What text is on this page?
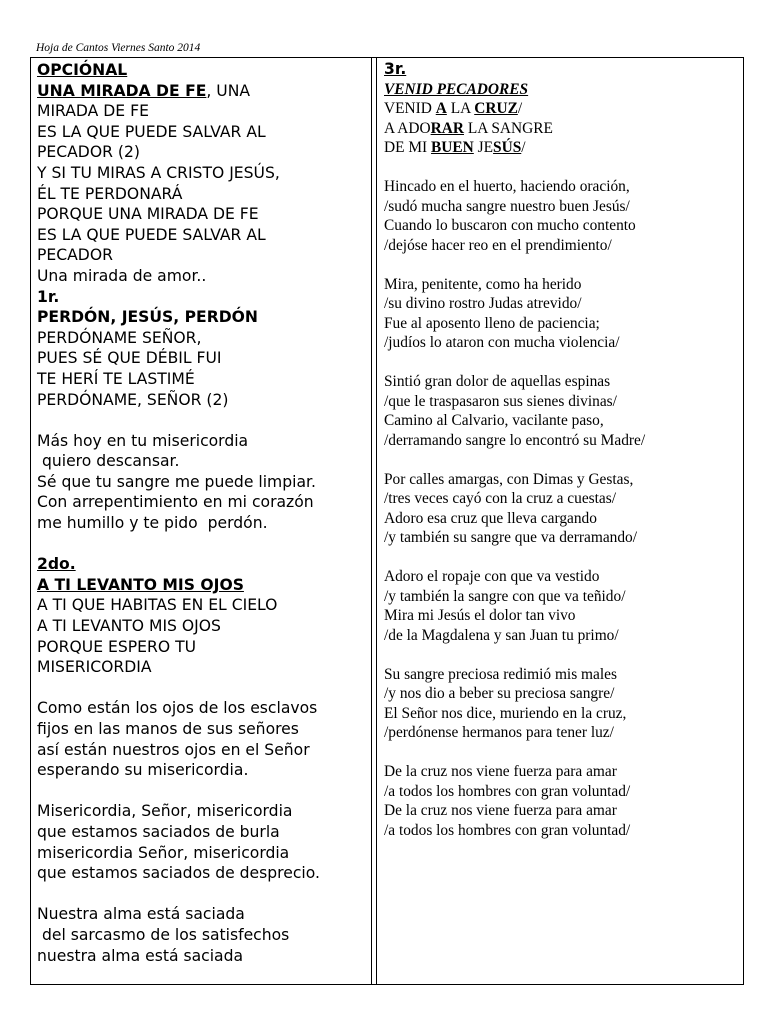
Hoja de Cantos Viernes Santo 2014
OPCIÓNAL
UNA MIRADA DE FE, UNA
MIRADA DE FE
ES LA QUE PUEDE SALVAR AL
PECADOR (2)
Y SI TU MIRAS A CRISTO JESÚS,
ÉL TE PERDONARÁ
PORQUE UNA MIRADA DE FE
ES LA QUE PUEDE SALVAR AL
PECADOR
Una mirada de amor..
1r.
PERDÓN, JESÚS, PERDÓN
PERDÓNAME SEÑOR,
PUES SÉ QUE DÉBIL FUI
TE HERÍ TE LASTIMÉ
PERDÓNAME, SEÑOR (2)
Más hoy en tu misericordia
quiero descansar.
Sé que tu sangre me puede limpiar.
Con arrepentimiento en mi corazón
me humillo y te pido  perdón.
2do.
A TI LEVANTO MIS OJOS
A TI QUE HABITAS EN EL CIELO
A TI LEVANTO MIS OJOS
PORQUE ESPERO TU
MISERICORDIA
Como están los ojos de los esclavos
fijos en las manos de sus señores
así están nuestros ojos en el Señor
esperando su misericordia.
Misericordia, Señor, misericordia
que estamos saciados de burla
misericordia Señor, misericordia
que estamos saciados de desprecio.
Nuestra alma está saciada
del sarcasmo de los satisfechos
nuestra alma está saciada
3r.
VENID PECADORES
VENID A LA CRUZ/
A ADORAR LA SANGRE
DE MI BUEN JESÚS/
Hincado en el huerto, haciendo oración,
/sudó mucha sangre nuestro buen Jesús/
Cuando lo buscaron con mucho contento
/dejóse hacer reo en el prendimiento/
Mira, penitente, como ha herido
/su divino rostro Judas atrevido/
Fue al aposento lleno de paciencia;
/judíos lo ataron con mucha violencia/
Sintió gran dolor de aquellas espinas
/que le traspasaron sus sienes divinas/
Camino al Calvario, vacilante paso,
/derramando sangre lo encontró su Madre/
Por calles amargas, con Dimas y Gestas,
/tres veces cayó con la cruz a cuestas/
Adoro esa cruz que lleva cargando
/y también su sangre que va derramando/
Adoro el ropaje con que va vestido
/y también la sangre con que va teñido/
Mira mi Jesús el dolor tan vivo
/de la Magdalena y san Juan tu primo/
Su sangre preciosa redimió mis males
/y nos dio a beber su preciosa sangre/
El Señor nos dice, muriendo en la cruz,
/perdónense hermanos para tener luz/
De la cruz nos viene fuerza para amar
/a todos los hombres con gran voluntad/
De la cruz nos viene fuerza para amar
/a todos los hombres con gran voluntad/
